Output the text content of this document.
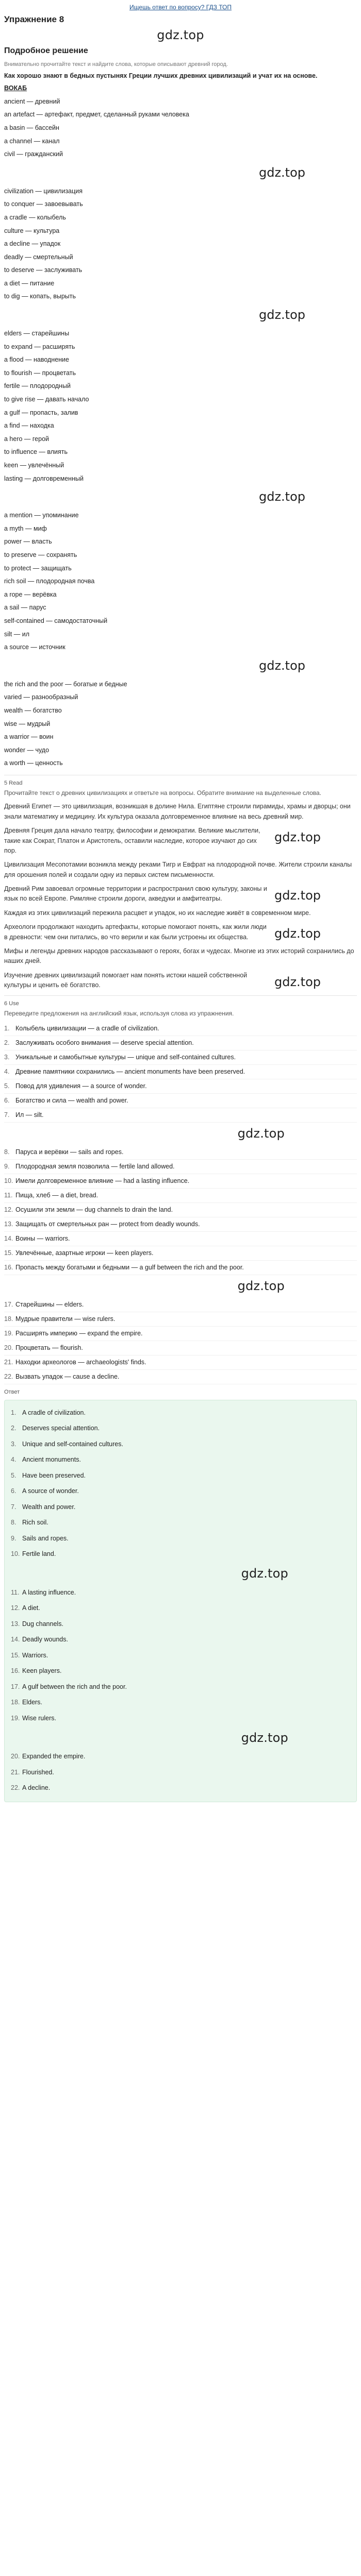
Ищешь ответ по вопросу? ГДЗ ТОП
Упражнение 8
gdz.top
Подробное решение
Внимательно прочитайте текст и найдите слова, которые описывают древний город.
Как хорошо знают в бедных пустынях Греции лучших древних цивилизаций и учат их на основе.
ВОКАБ
ancient — древний
an artefact — артефакт, предмет, сделанный руками человека
a basin — бассейн
a channel — канал
civil — гражданский
gdz.top
civilization — цивилизация
to conquer — завоевывать
a cradle — колыбель
culture — культура
a decline — упадок
deadly — смертельный
to deserve — заслуживать
a diet — питание
to dig — копать, вырыть
gdz.top
elders — старейшины
to expand — расширять
a flood — наводнение
to flourish — процветать
fertile — плодородный
to give rise — давать начало
a gulf — пропасть, залив
a find — находка
a hero — герой
to influence — влиять
keen — увлечённый
lasting — долговременный
gdz.top
a mention — упоминание
a myth — миф
power — власть
to preserve — сохранять
to protect — защищать
rich soil — плодородная почва
a rope — верёвка
a sail — парус
self-contained — самодостаточный
silt — ил
a source — источник
gdz.top
the rich and the poor — богатые и бедные
varied — разнообразный
wealth — богатство
wise — мудрый
a warrior — воин
wonder — чудо
a worth — ценность
5 Read
Прочитайте текст о древних цивилизациях и ответьте на вопросы. Обратите внимание на выделенные слова.
Древний Египет — это цивилизация, возникшая в долине Нила. Египтяне строили пирамиды, храмы и дворцы; они знали математику и медицину. Их культура оказала долговременное влияние на весь древний мир.
gdz.top
Древняя Греция дала начало театру, философии и демократии. Великие мыслители, такие как Сократ, Платон и Аристотель, оставили наследие, которое изучают до сих пор.
Цивилизация Месопотамии возникла между реками Тигр и Евфрат на плодородной почве. Жители строили каналы для орошения полей и создали одну из первых систем письменности.
gdz.top
Древний Рим завоевал огромные территории и распространил свою культуру, законы и язык по всей Европе. Римляне строили дороги, акведуки и амфитеатры.
Каждая из этих цивилизаций пережила расцвет и упадок, но их наследие живёт в современном мире.
gdz.top
Археологи продолжают находить артефакты, которые помогают понять, как жили люди в древности: чем они питались, во что верили и как были устроены их общества.
Мифы и легенды древних народов рассказывают о героях, богах и чудесах. Многие из этих историй сохранились до наших дней.
gdz.top
Изучение древних цивилизаций помогает нам понять истоки нашей собственной культуры и ценить её богатство.
6 Use
Переведите предложения на английский язык, используя слова из упражнения.
1. Колыбель цивилизации — a cradle of civilization.
2. Заслуживать особого внимания — deserve special attention.
3. Уникальные и самобытные культуры — unique and self-contained cultures.
4. Древние памятники сохранились — ancient monuments have been preserved.
5. Повод для удивления — a source of wonder.
6. Богатство и сила — wealth and power.
7. Ил — silt.
gdz.top
8. Паруса и верёвки — sails and ropes.
9. Плодородная земля позволила — fertile land allowed.
10. Имели долговременное влияние — had a lasting influence.
11. Пища, хлеб — a diet, bread.
12. Осушили эти земли — dug channels to drain the land.
13. Защищать от смертельных ран — protect from deadly wounds.
14. Воины — warriors.
15. Увлечённые, азартные игроки — keen players.
16. Пропасть между богатыми и бедными — a gulf between the rich and the poor.
gdz.top
17. Старейшины — elders.
18. Мудрые правители — wise rulers.
19. Расширять империю — expand the empire.
20. Процветать — flourish.
21. Находки археологов — archaeologists' finds.
22. Вызвать упадок — cause a decline.
Ответ
1. A cradle of civilization.
2. Deserves special attention.
3. Unique and self-contained cultures.
4. Ancient monuments.
5. Have been preserved.
6. A source of wonder.
7. Wealth and power.
8. Rich soil.
9. Sails and ropes.
10. Fertile land.
gdz.top
11. A lasting influence.
12. A diet.
13. Dug channels.
14. Deadly wounds.
15. Warriors.
16. Keen players.
17. A gulf between the rich and the poor.
18. Elders.
19. Wise rulers.
gdz.top
20. Expanded the empire.
21. Flourished.
22. A decline.
